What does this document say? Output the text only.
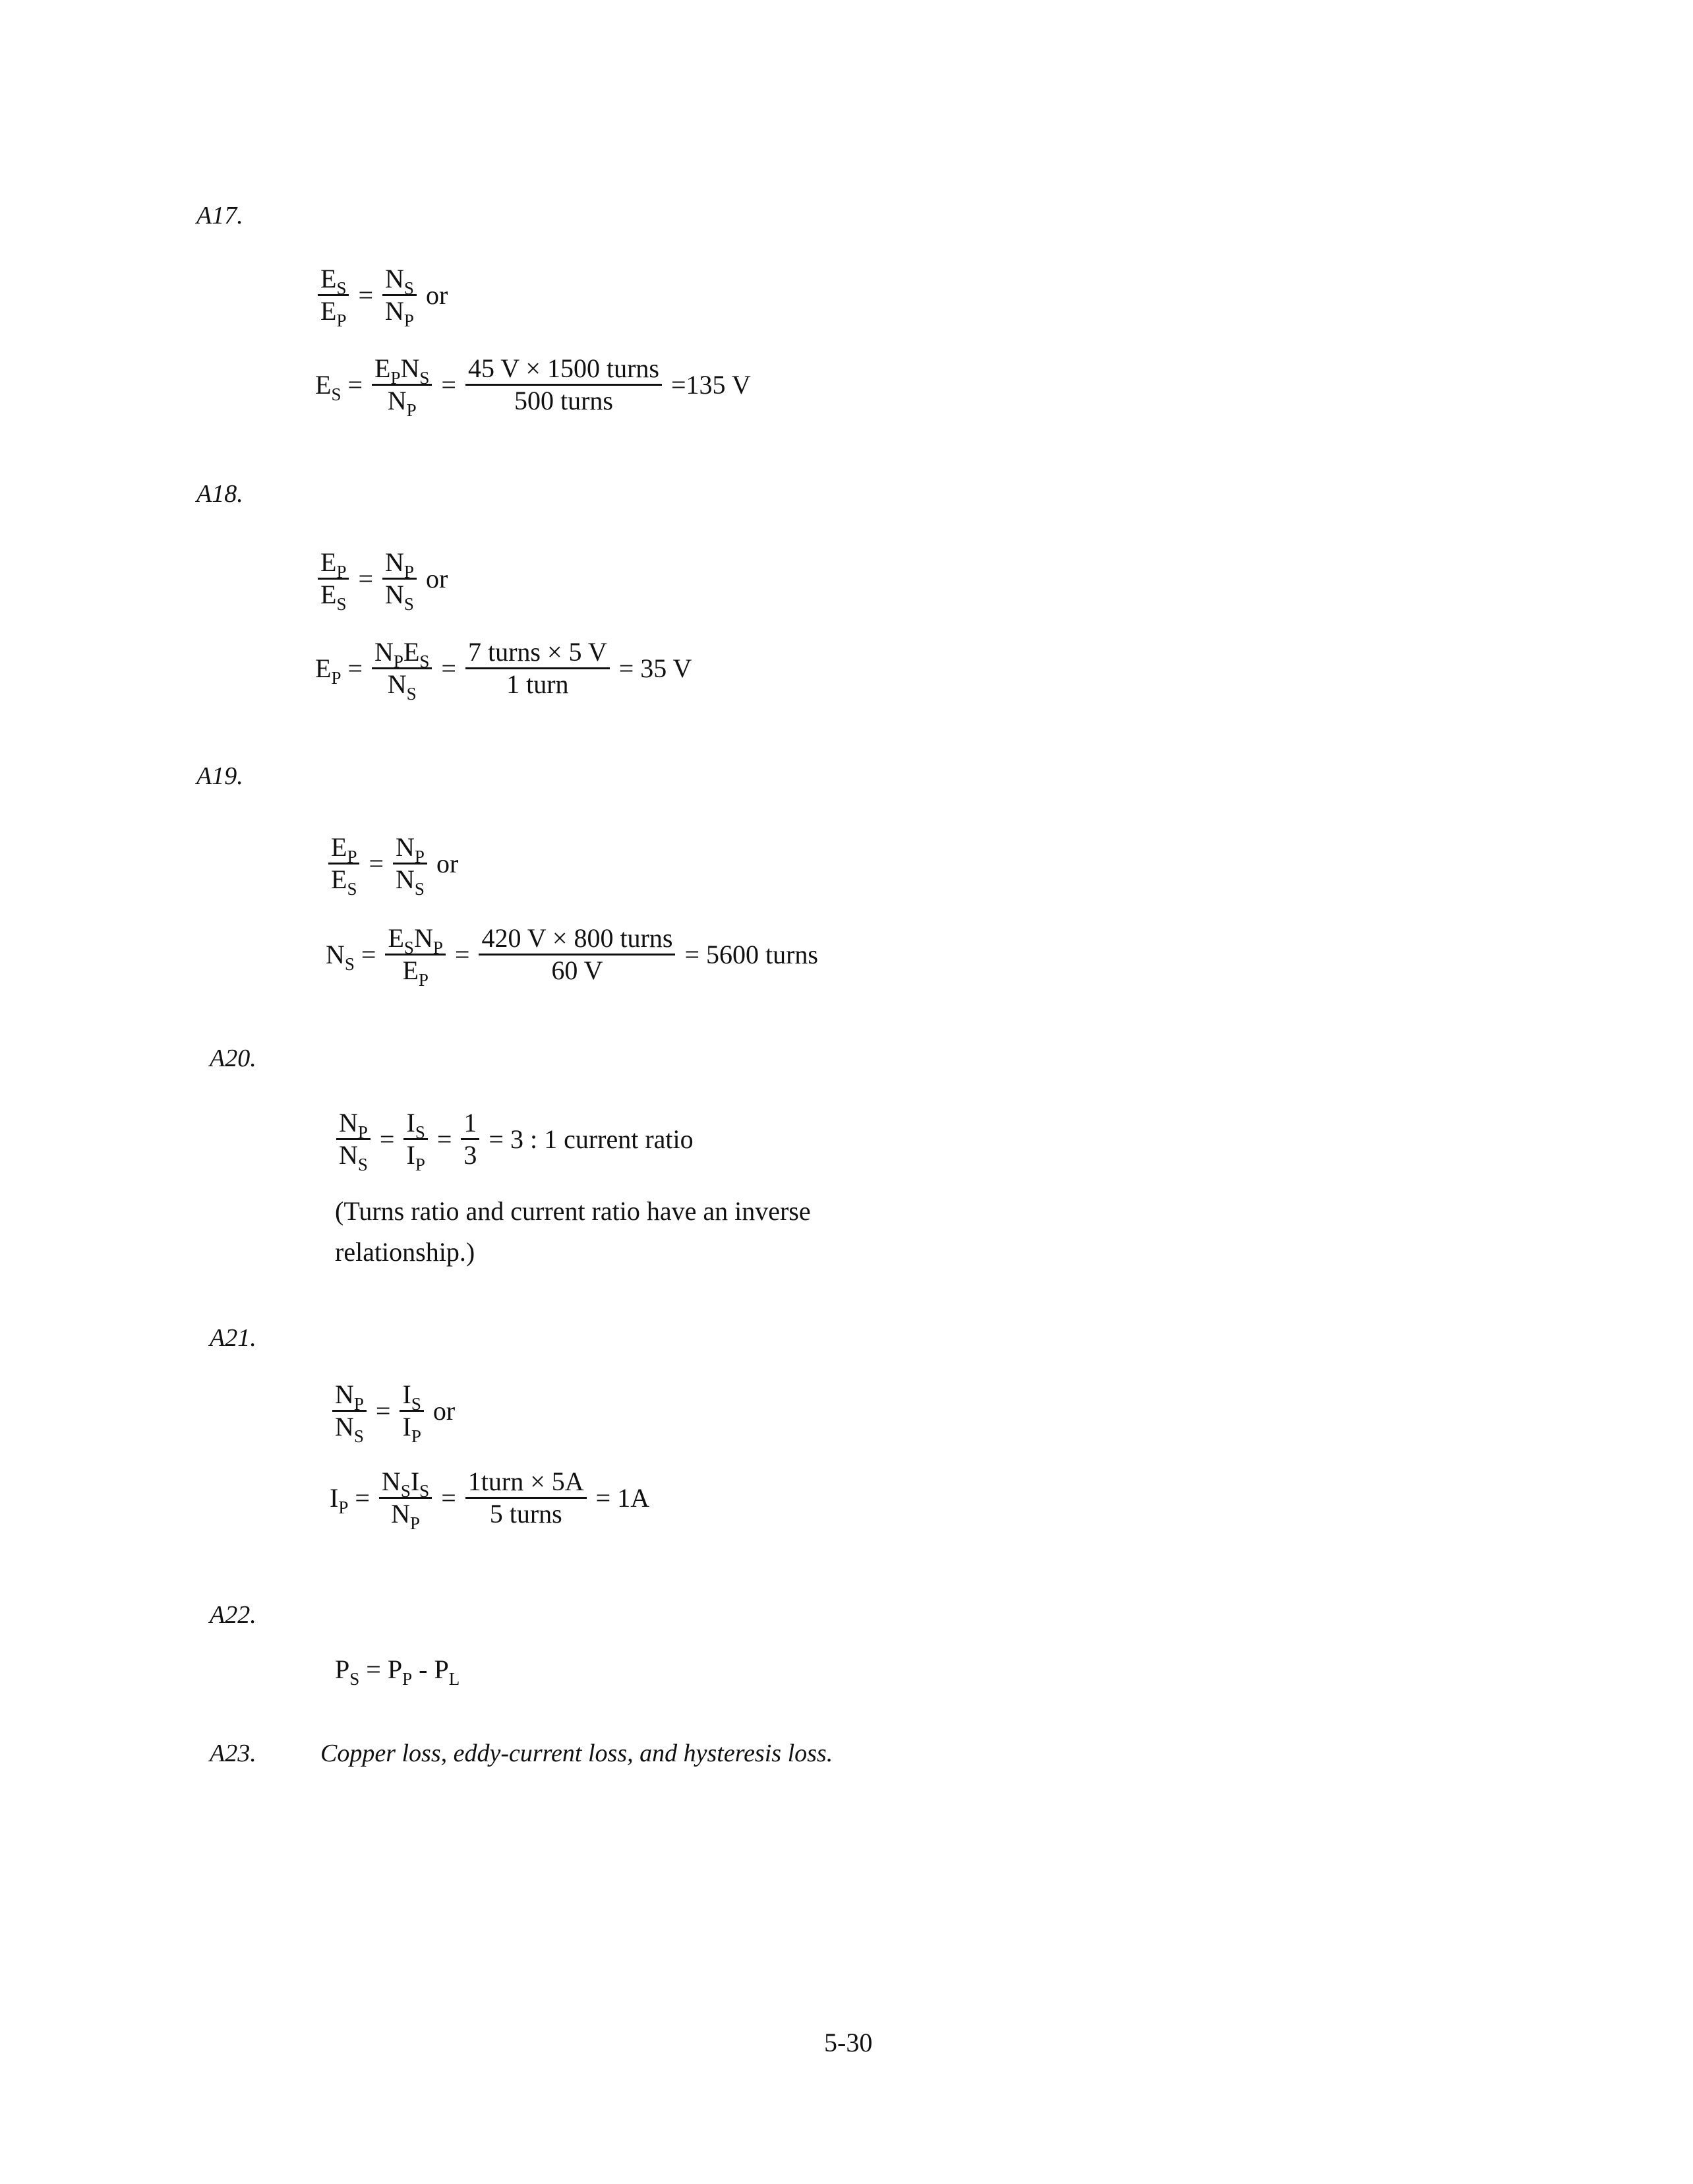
A17.
A18.
A19.
A20.
A21.
A22.
A23.
$\frac{E_S}{E_P} = \frac{N_S}{N_P}$ or
$E_S = \frac{E_PN_S}{N_P} = \frac{\text{45 V × 1500 turns}}{\text{500 turns}} =135$ V
$\frac{E_P}{E_S} = \frac{N_P}{N_S}$ or
$E_P = \frac{N_PE_S}{N_S} = \frac{\text{7 turns × 5 V}}{\text{1 turn}} = 35$ V
$\frac{E_P}{E_S} = \frac{N_P}{N_S}$ or
$N_S = \frac{E_SN_P}{E_P} = \frac{\text{420 V × 800 turns}}{60 V} = 5600$ turns
$\frac{N_P}{N_S} = \frac{I_S}{I_P} = \frac{1}{3} = 3$ : 1 current ratio
(Turns ratio and current ratio have an inverse
relationship.)
$\frac{N_P}{N_S} = \frac{I_S}{I_P}$ or
$I_P = \frac{N_SI_S}{N_P} = \frac{\text{1turn × 5A}}{\text{5 turns}} = 1A$
$P_S = P_P - P_L$
Copper loss, eddy-current loss, and hysteresis loss.
5-30
